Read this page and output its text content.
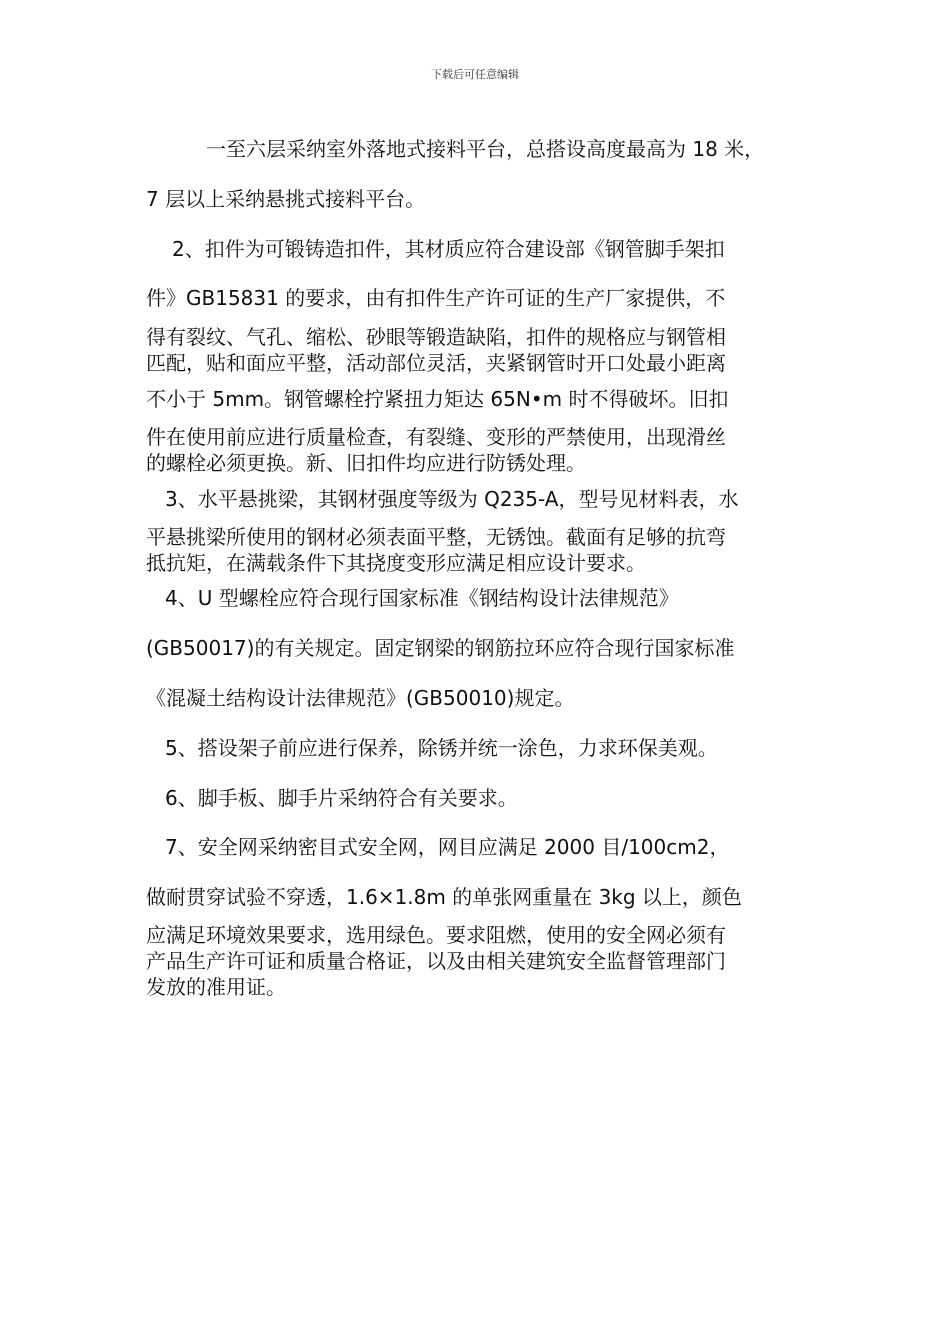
下载后可任意编辑
一至六层采纳室外落地式接料平台，总搭设高度最高为 18 米，
7 层以上采纳悬挑式接料平台。
2、扣件为可锻铸造扣件，其材质应符合建设部《钢管脚手架扣
件》GB15831 的要求，由有扣件生产许可证的生产厂家提供，不
得有裂纹、气孔、缩松、砂眼等锻造缺陷，扣件的规格应与钢管相
匹配，贴和面应平整，活动部位灵活，夹紧钢管时开口处最小距离
不小于 5mm。钢管螺栓拧紧扭力矩达 65N•m 时不得破坏。旧扣
件在使用前应进行质量检查，有裂缝、变形的严禁使用，出现滑丝
的螺栓必须更换。新、旧扣件均应进行防锈处理。
3、水平悬挑梁，其钢材强度等级为 Q235-A，型号见材料表，水
平悬挑梁所使用的钢材必须表面平整，无锈蚀。截面有足够的抗弯
抵抗矩，在满载条件下其挠度变形应满足相应设计要求。
4、U 型螺栓应符合现行国家标准《钢结构设计法律规范》
(GB50017)的有关规定。固定钢梁的钢筋拉环应符合现行国家标准
《混凝土结构设计法律规范》(GB50010)规定。
5、搭设架子前应进行保养，除锈并统一涂色，力求环保美观。
6、脚手板、脚手片采纳符合有关要求。
7、安全网采纳密目式安全网，网目应满足 2000 目/100cm2，
做耐贯穿试验不穿透，1.6×1.8m 的单张网重量在 3kg 以上，颜色
应满足环境效果要求，选用绿色。要求阻燃，使用的安全网必须有
产品生产许可证和质量合格证，以及由相关建筑安全监督管理部门
发放的准用证。
